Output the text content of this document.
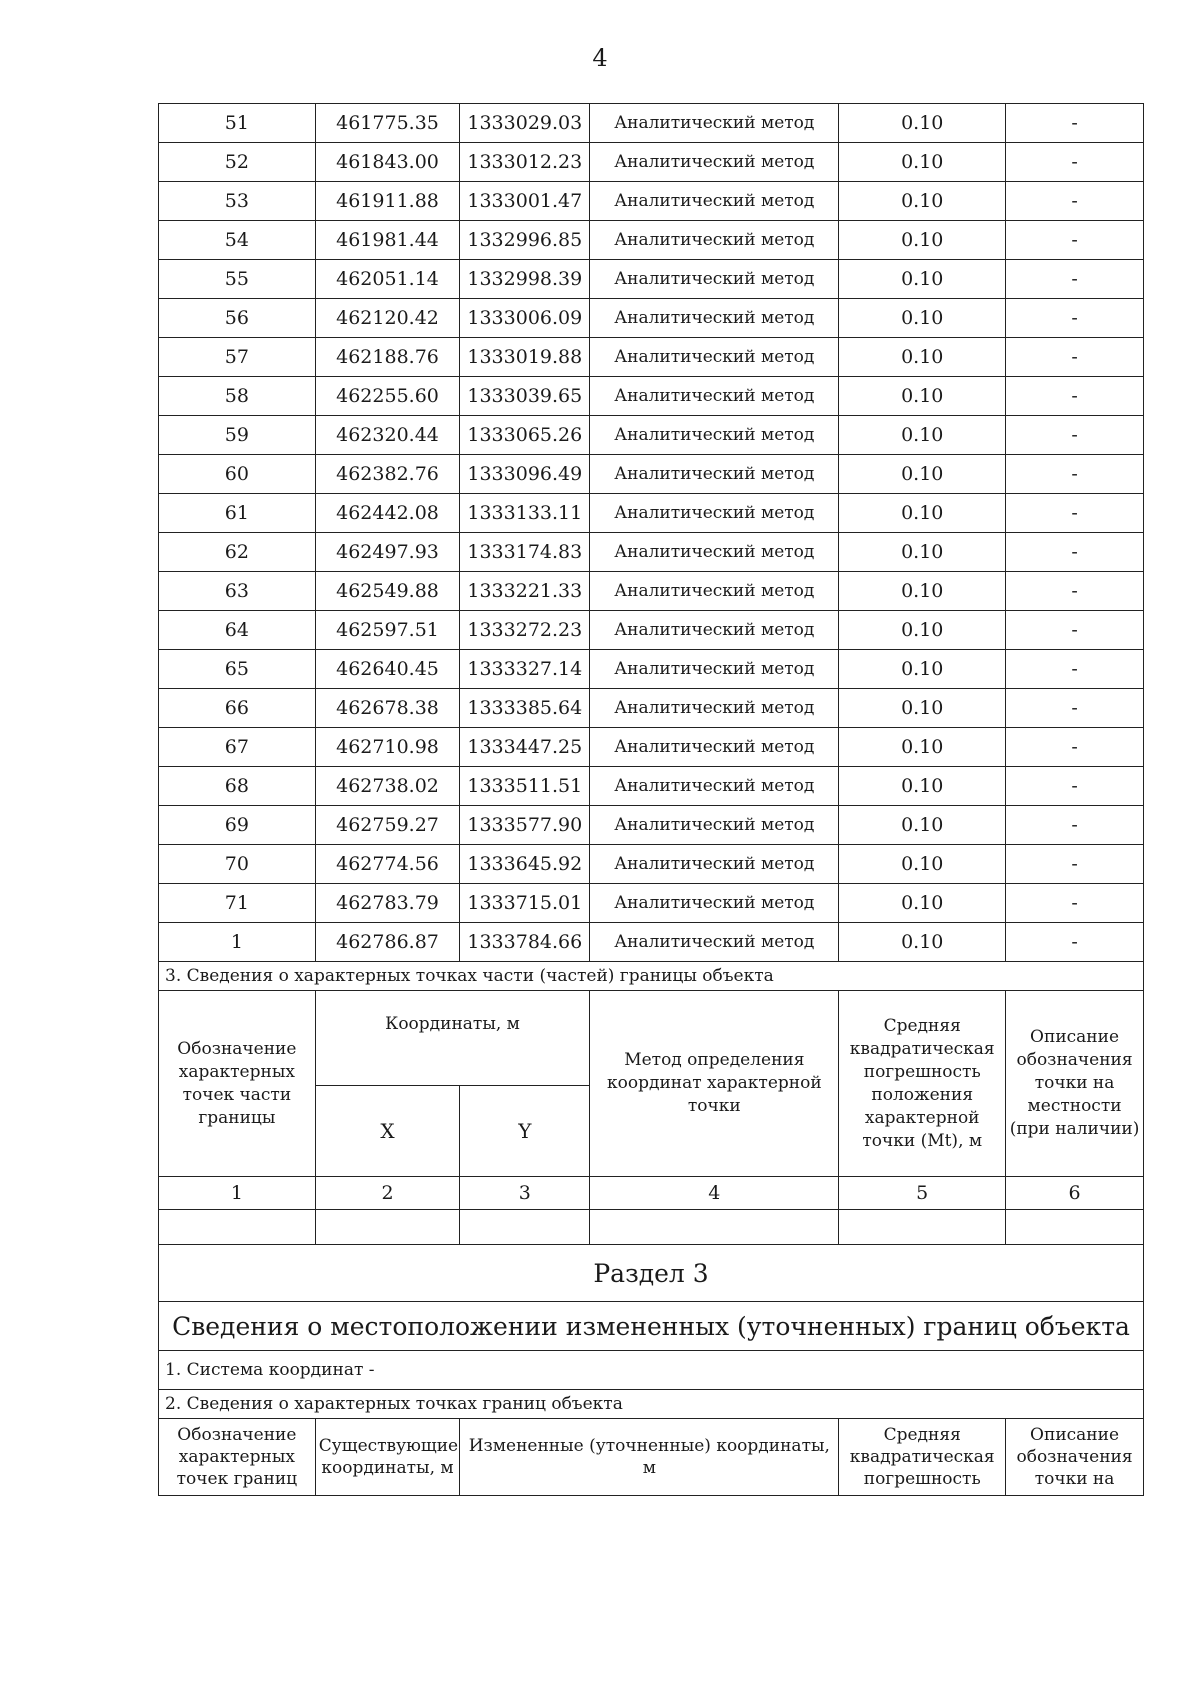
4
51	461775.35	1333029.03	Аналитический метод	0.10	-
52	461843.00	1333012.23	Аналитический метод	0.10	-
53	461911.88	1333001.47	Аналитический метод	0.10	-
54	461981.44	1332996.85	Аналитический метод	0.10	-
55	462051.14	1332998.39	Аналитический метод	0.10	-
56	462120.42	1333006.09	Аналитический метод	0.10	-
57	462188.76	1333019.88	Аналитический метод	0.10	-
58	462255.60	1333039.65	Аналитический метод	0.10	-
59	462320.44	1333065.26	Аналитический метод	0.10	-
60	462382.76	1333096.49	Аналитический метод	0.10	-
61	462442.08	1333133.11	Аналитический метод	0.10	-
62	462497.93	1333174.83	Аналитический метод	0.10	-
63	462549.88	1333221.33	Аналитический метод	0.10	-
64	462597.51	1333272.23	Аналитический метод	0.10	-
65	462640.45	1333327.14	Аналитический метод	0.10	-
66	462678.38	1333385.64	Аналитический метод	0.10	-
67	462710.98	1333447.25	Аналитический метод	0.10	-
68	462738.02	1333511.51	Аналитический метод	0.10	-
69	462759.27	1333577.90	Аналитический метод	0.10	-
70	462774.56	1333645.92	Аналитический метод	0.10	-
71	462783.79	1333715.01	Аналитический метод	0.10	-
1	462786.87	1333784.66	Аналитический метод	0.10	-
3. Сведения о характерных точках части (частей) границы объекта					
Обозначение характерных точек части границы	Координаты, м		Метод определения координат характерной точки	Средняя квадратическая погрешность положения характерной точки (Mt), м	Описание обозначения точки на местности (при наличии)
	X	Y			
1	2	3	4	5	6

Раздел 3					
Сведения о местоположении измененных (уточненных) границ объекта					
1. Система координат -					
2. Сведения о характерных точках границ объекта					
Обозначение характерных точек границ	Существующие координаты, м	Измененные (уточненные) координаты, м		Средняя квадратическая погрешность	Описание обозначения точки на
